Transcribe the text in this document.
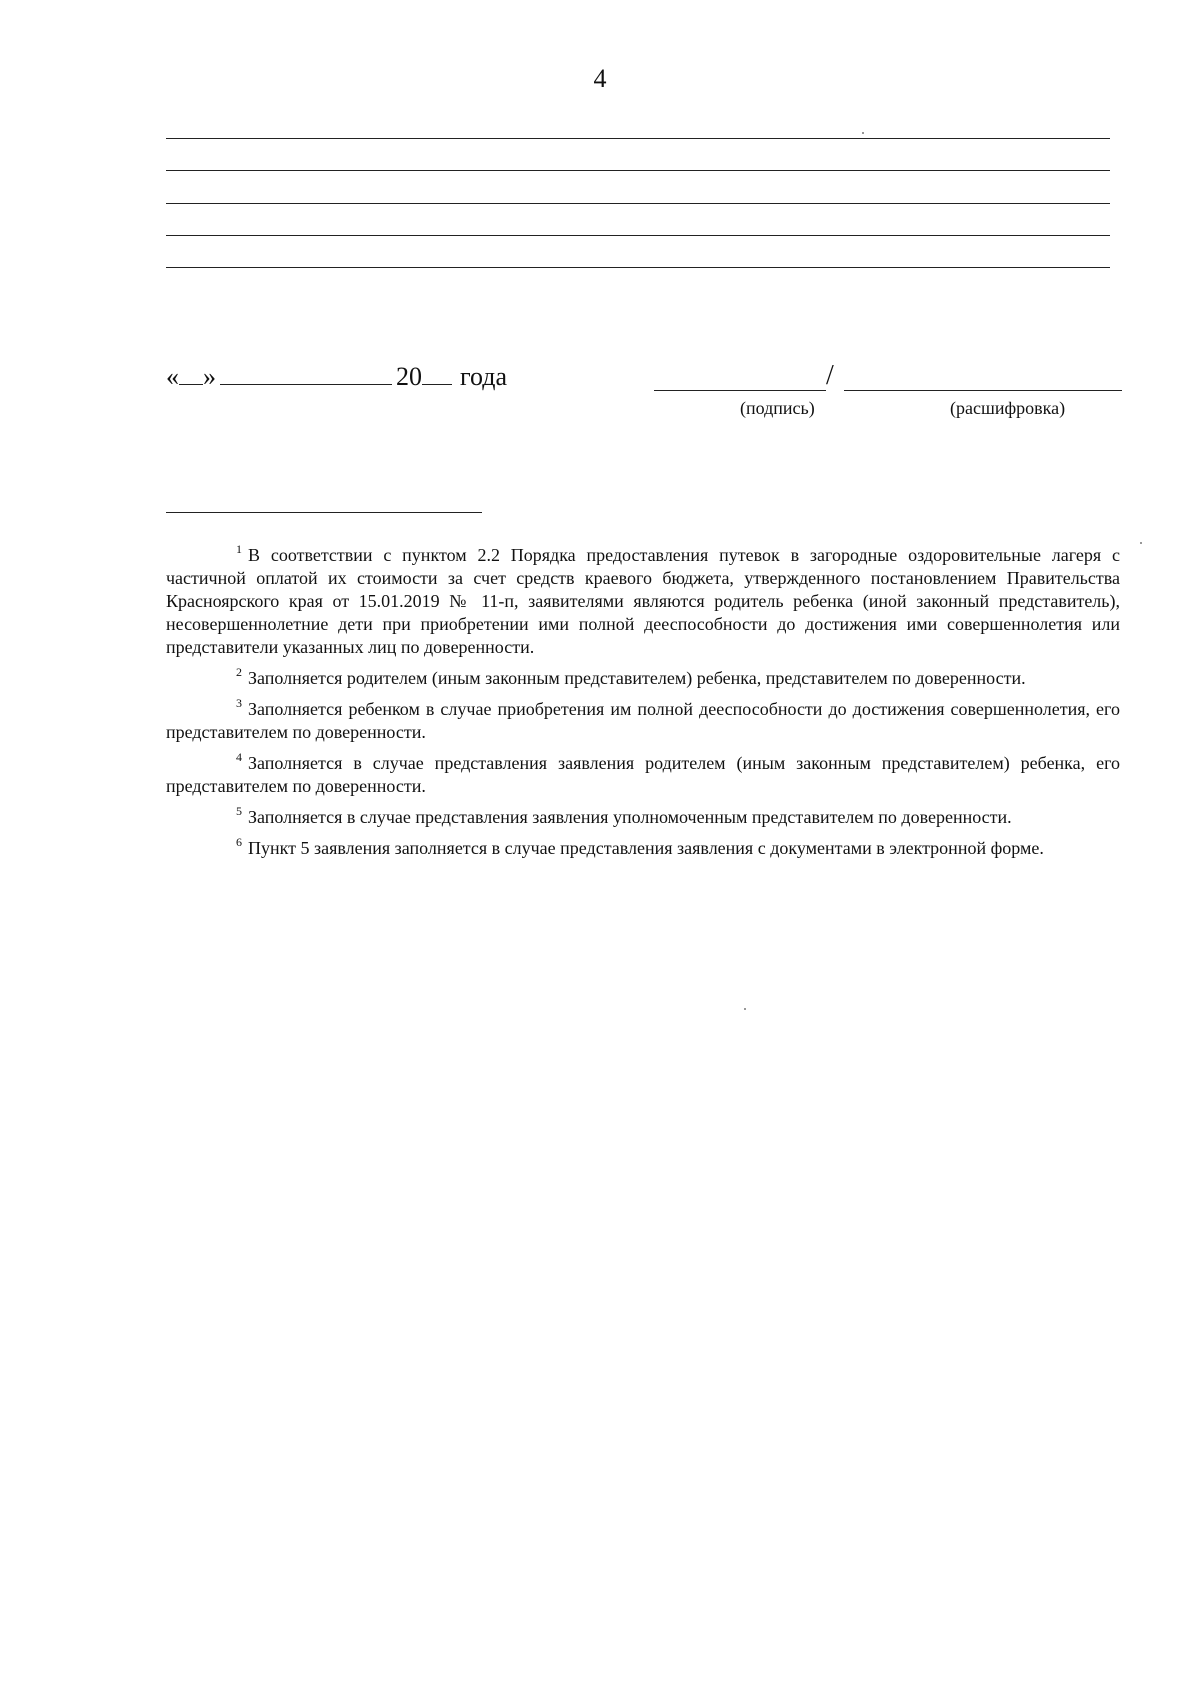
4
« »	20 года	/
(подпись)	(расшифровка)

$^1$ В соответствии с пунктом 2.2 Порядка предоставления путевок в загородные оздоровительные лагеря с частичной оплатой их стоимости за счет средств краевого бюджета, утвержденного постановлением Правительства Красноярского края от 15.01.2019 № 11-п, заявителями являются родитель ребенка (иной законный представитель), несовершеннолетние дети при приобретении ими полной дееспособности до достижения ими совершеннолетия или представители указанных лиц по доверенности.

$^2$ Заполняется родителем (иным законным представителем) ребенка, представителем по доверенности.

$^3$ Заполняется ребенком в случае приобретения им полной дееспособности до достижения совершеннолетия, его представителем по доверенности.

$^4$ Заполняется в случае представления заявления родителем (иным законным представителем) ребенка, его представителем по доверенности.

$^5$ Заполняется в случае представления заявления уполномоченным представителем по доверенности.

$^6$ Пункт 5 заявления заполняется в случае представления заявления с документами в электронной форме.
